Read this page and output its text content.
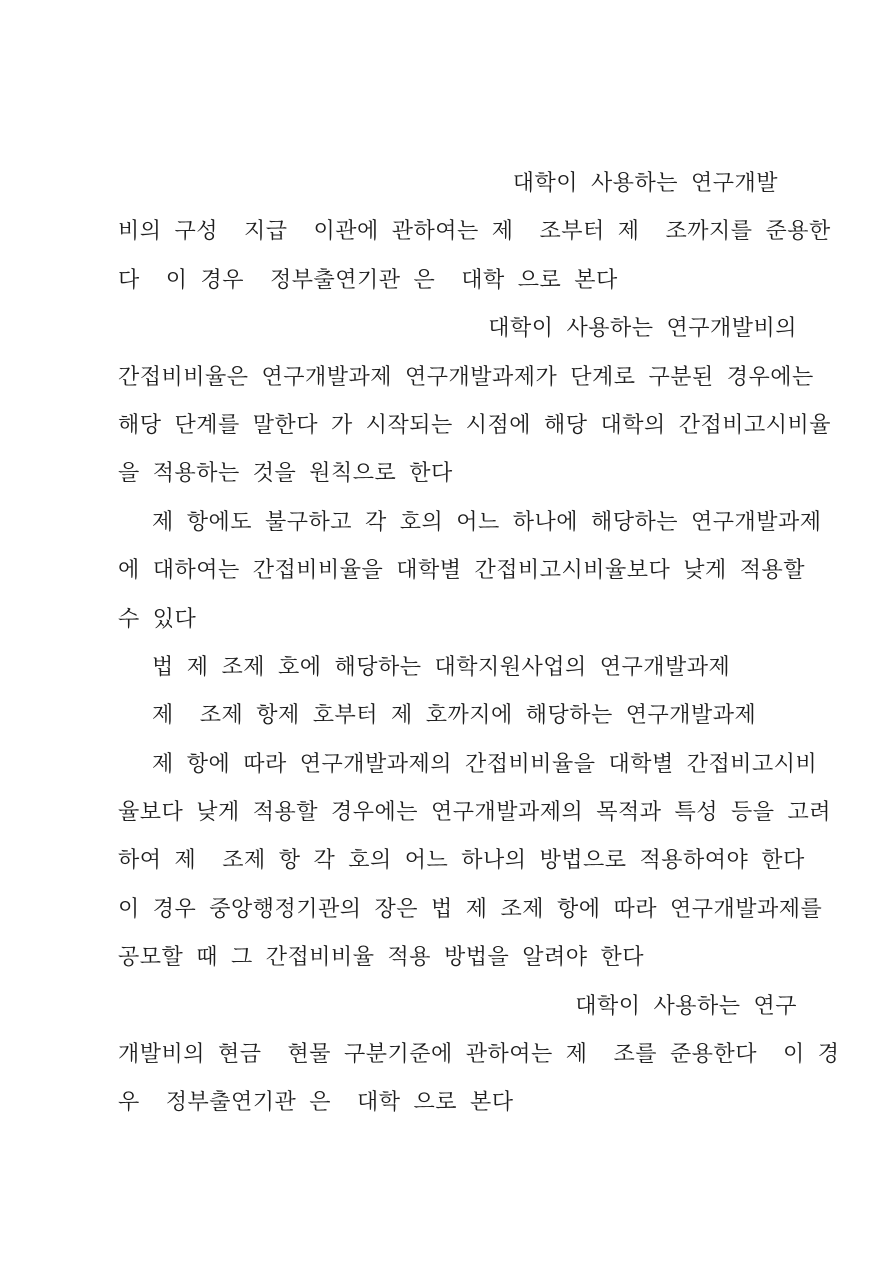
대학이 사용하는 연구개발
비의 구성  지급  이관에 관하여는 제  조부터 제  조까지를 준용한
다  이 경우  정부출연기관 은  대학 으로 본다
대학이 사용하는 연구개발비의
간접비비율은 연구개발과제 연구개발과제가 단계로 구분된 경우에는
해당 단계를 말한다 가 시작되는 시점에 해당 대학의 간접비고시비율
을 적용하는 것을 원칙으로 한다
제 항에도 불구하고 각 호의 어느 하나에 해당하는 연구개발과제
에 대하여는 간접비비율을 대학별 간접비고시비율보다 낮게 적용할
수 있다
법 제 조제 호에 해당하는 대학지원사업의 연구개발과제
제  조제 항제 호부터 제 호까지에 해당하는 연구개발과제
제 항에 따라 연구개발과제의 간접비비율을 대학별 간접비고시비
율보다 낮게 적용할 경우에는 연구개발과제의 목적과 특성 등을 고려
하여 제  조제 항 각 호의 어느 하나의 방법으로 적용하여야 한다
이 경우 중앙행정기관의 장은 법 제 조제 항에 따라 연구개발과제를
공모할 때 그 간접비비율 적용 방법을 알려야 한다
대학이 사용하는 연구
개발비의 현금  현물 구분기준에 관하여는 제  조를 준용한다  이 경
우  정부출연기관 은  대학 으로 본다
